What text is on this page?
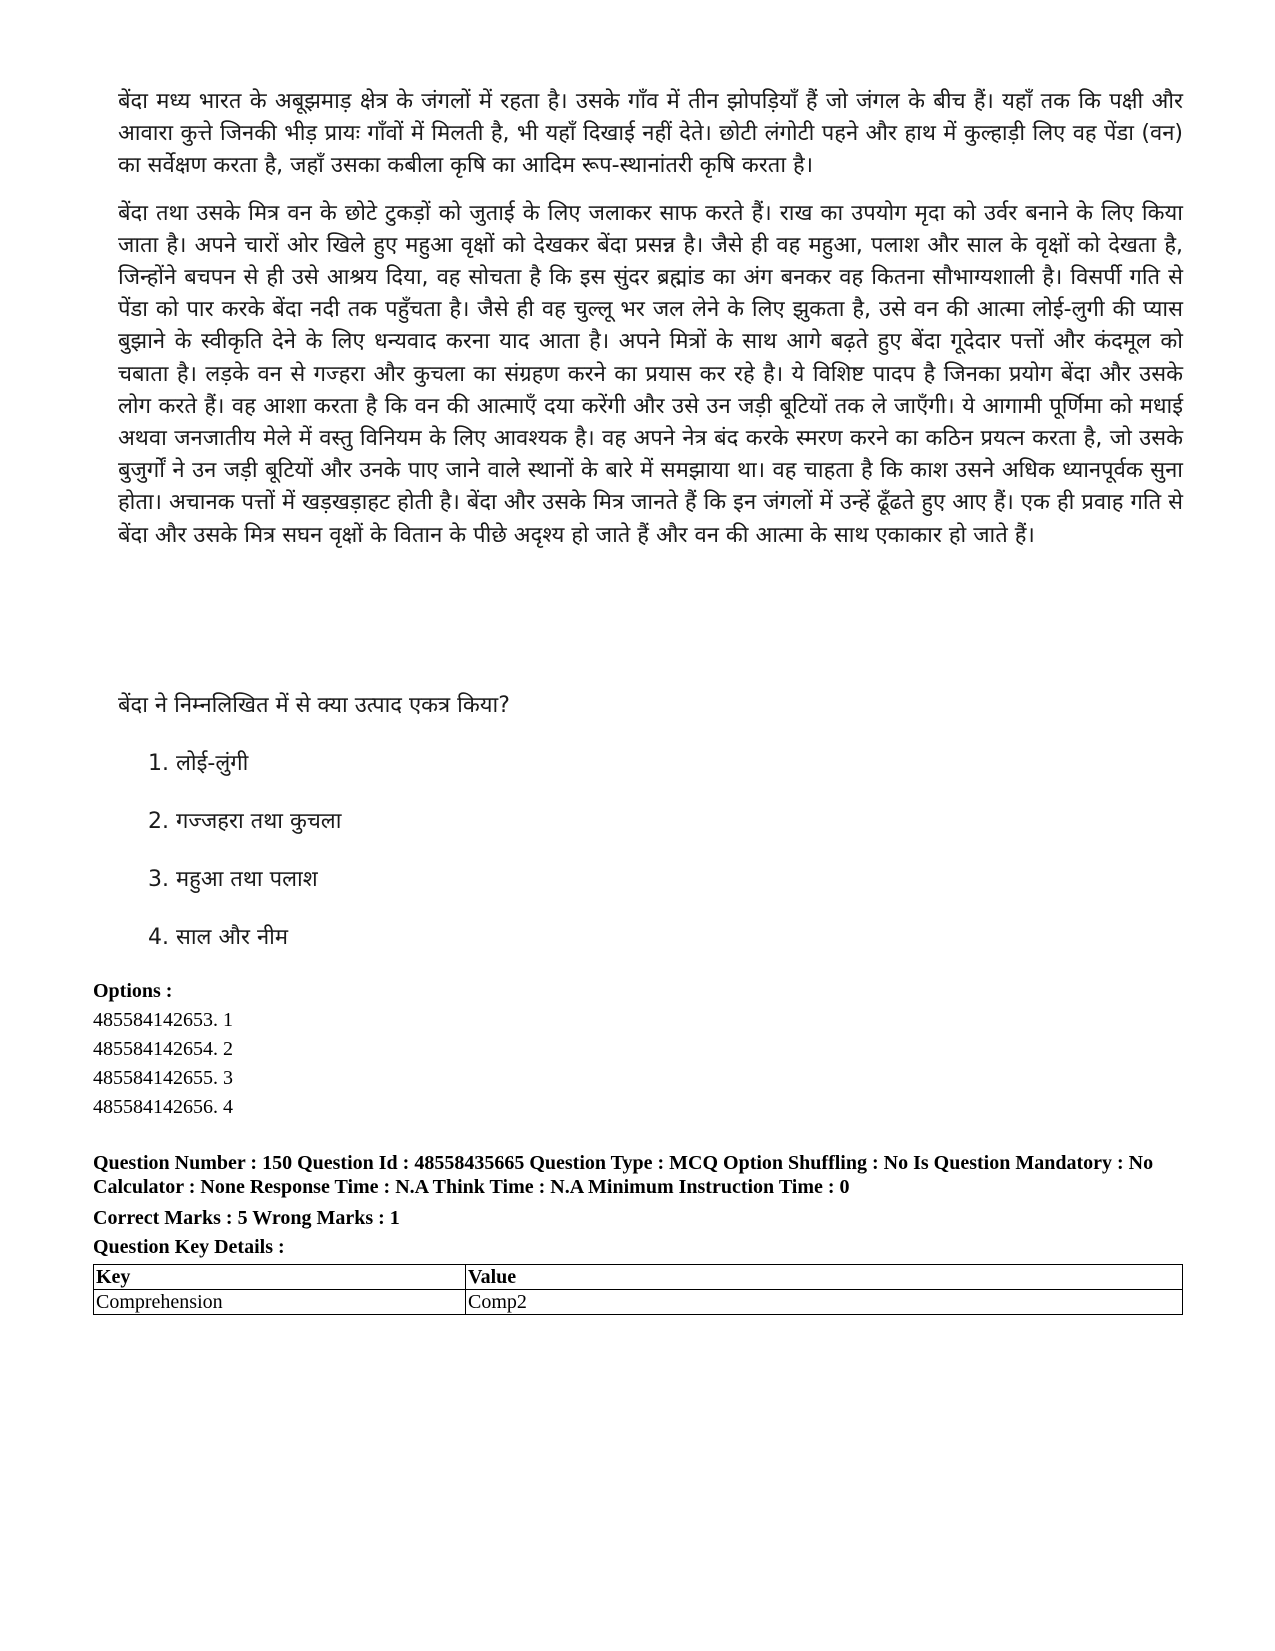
बेंदा मध्य भारत के अबूझमाड़ क्षेत्र के जंगलों में रहता है। उसके गाँव में तीन झोपड़ियाँ हैं जो जंगल के बीच हैं। यहाँ तक कि पक्षी और आवारा कुत्ते जिनकी भीड़ प्रायः गाँवों में मिलती है, भी यहाँ दिखाई नहीं देते। छोटी लंगोटी पहने और हाथ में कुल्हाड़ी लिए वह पेंडा (वन) का सर्वेक्षण करता है, जहाँ उसका कबीला कृषि का आदिम रूप-स्थानांतरी कृषि करता है।

बेंदा तथा उसके मित्र वन के छोटे टुकड़ों को जुताई के लिए जलाकर साफ करते हैं। राख का उपयोग मृदा को उर्वर बनाने के लिए किया जाता है। अपने चारों ओर खिले हुए महुआ वृक्षों को देखकर बेंदा प्रसन्न है। जैसे ही वह महुआ, पलाश और साल के वृक्षों को देखता है, जिन्होंने बचपन से ही उसे आश्रय दिया, वह सोचता है कि इस सुंदर ब्रह्मांड का अंग बनकर वह कितना सौभाग्यशाली है। विसर्पी गति से पेंडा को पार करके बेंदा नदी तक पहुँचता है। जैसे ही वह चुल्लू भर जल लेने के लिए झुकता है, उसे वन की आत्मा लोई-लुगी की प्यास बुझाने के स्वीकृति देने के लिए धन्यवाद करना याद आता है। अपने मित्रों के साथ आगे बढ़ते हुए बेंदा गूदेदार पत्तों और कंदमूल को चबाता है। लड़के वन से गज्हरा और कुचला का संग्रहण करने का प्रयास कर रहे है। ये विशिष्ट पादप है जिनका प्रयोग बेंदा और उसके लोग करते हैं। वह आशा करता है कि वन की आत्माएँ दया करेंगी और उसे उन जड़ी बूटियों तक ले जाएँगी। ये आगामी पूर्णिमा को मधाई अथवा जनजातीय मेले में वस्तु विनियम के लिए आवश्यक है। वह अपने नेत्र बंद करके स्मरण करने का कठिन प्रयत्न करता है, जो उसके बुजुर्गों ने उन जड़ी बूटियों और उनके पाए जाने वाले स्थानों के बारे में समझाया था। वह चाहता है कि काश उसने अधिक ध्यानपूर्वक सुना होता। अचानक पत्तों में खड़खड़ाहट होती है। बेंदा और उसके मित्र जानते हैं कि इन जंगलों में उन्हें ढूँढते हुए आए हैं। एक ही प्रवाह गति से बेंदा और उसके मित्र सघन वृक्षों के वितान के पीछे अदृश्य हो जाते हैं और वन की आत्मा के साथ एकाकार हो जाते हैं।

बेंदा ने निम्नलिखित में से क्या उत्पाद एकत्र किया?
1. लोई-लुंगी
2. गज्जहरा तथा कुचला
3. महुआ तथा पलाश
4. साल और नीम
Options :
485584142653. 1
485584142654. 2
485584142655. 3
485584142656. 4
Question Number : 150 Question Id : 48558435665 Question Type : MCQ Option Shuffling : No Is Question Mandatory : No Calculator : None Response Time : N.A Think Time : N.A Minimum Instruction Time : 0
Correct Marks : 5 Wrong Marks : 1
Question Key Details :
Key	Value
Comprehension	Comp2
